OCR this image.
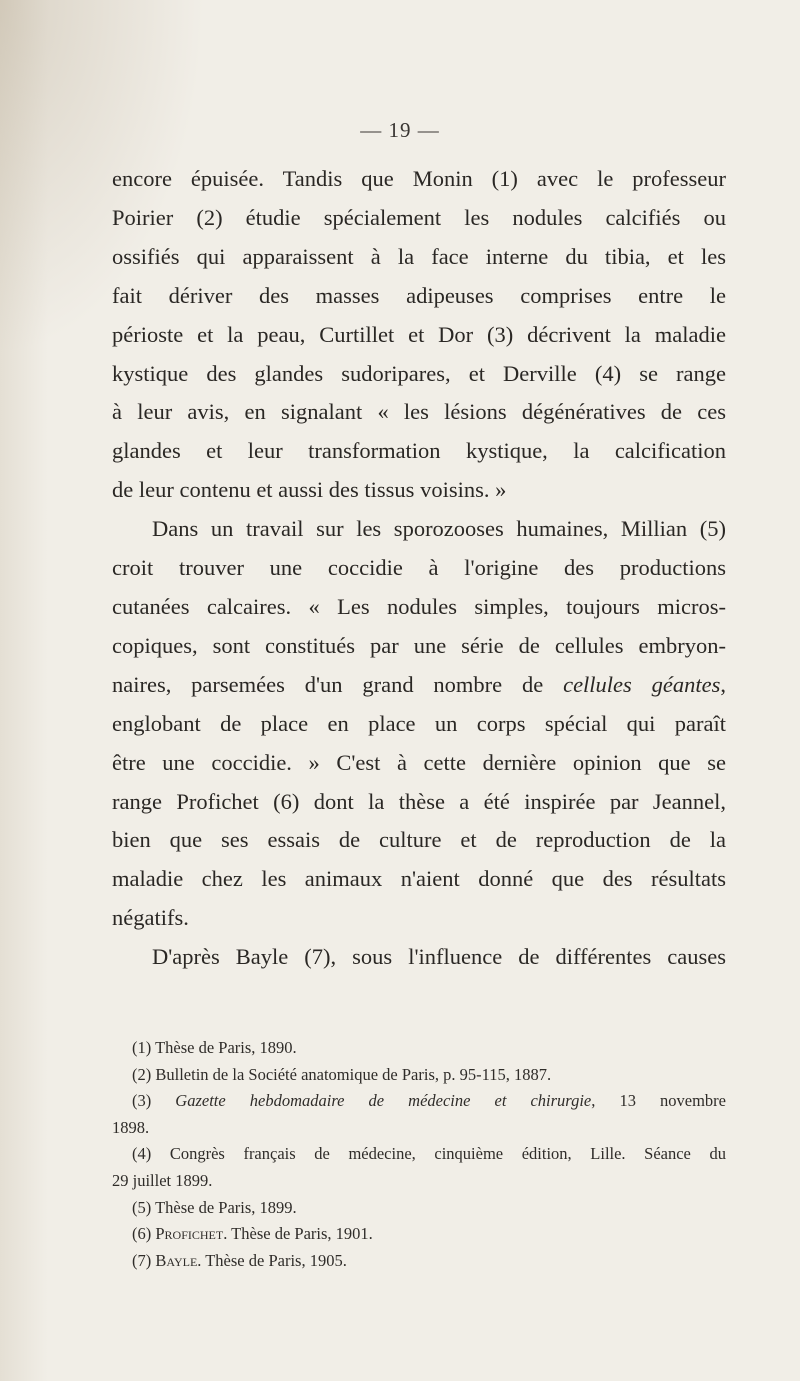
— 19 —

encore épuisée. Tandis que Monin (1) avec le professeur

Poirier (2) étudie spécialement les nodules calcifiés ou

ossifiés qui apparaissent à la face interne du tibia, et les

fait dériver des masses adipeuses comprises entre le

périoste et la peau, Curtillet et Dor (3) décrivent la maladie

kystique des glandes sudoripares, et Derville (4) se range

à leur avis, en signalant « les lésions dégénératives de ces

glandes et leur transformation kystique, la calcification

de leur contenu et aussi des tissus voisins. »

Dans un travail sur les sporozooses humaines, Millian (5)

croit trouver une coccidie à l'origine des productions

cutanées calcaires. « Les nodules simples, toujours micros-

copiques, sont constitués par une série de cellules embryon-

naires, parsemées d'un grand nombre de cellules géantes,

englobant de place en place un corps spécial qui paraît

être une coccidie. » C'est à cette dernière opinion que se

range Profichet (6) dont la thèse a été inspirée par Jeannel,

bien que ses essais de culture et de reproduction de la

maladie chez les animaux n'aient donné que des résultats

négatifs.

D'après Bayle (7), sous l'influence de différentes causes

(1) Thèse de Paris, 1890.

(2) Bulletin de la Société anatomique de Paris, p. 95-115, 1887.

(3) Gazette hebdomadaire de médecine et chirurgie, 13 novembre

1898.

(4) Congrès français de médecine, cinquième édition, Lille. Séance du

29 juillet 1899.

(5) Thèse de Paris, 1899.

(6) Profichet. Thèse de Paris, 1901.

(7) Bayle. Thèse de Paris, 1905.
